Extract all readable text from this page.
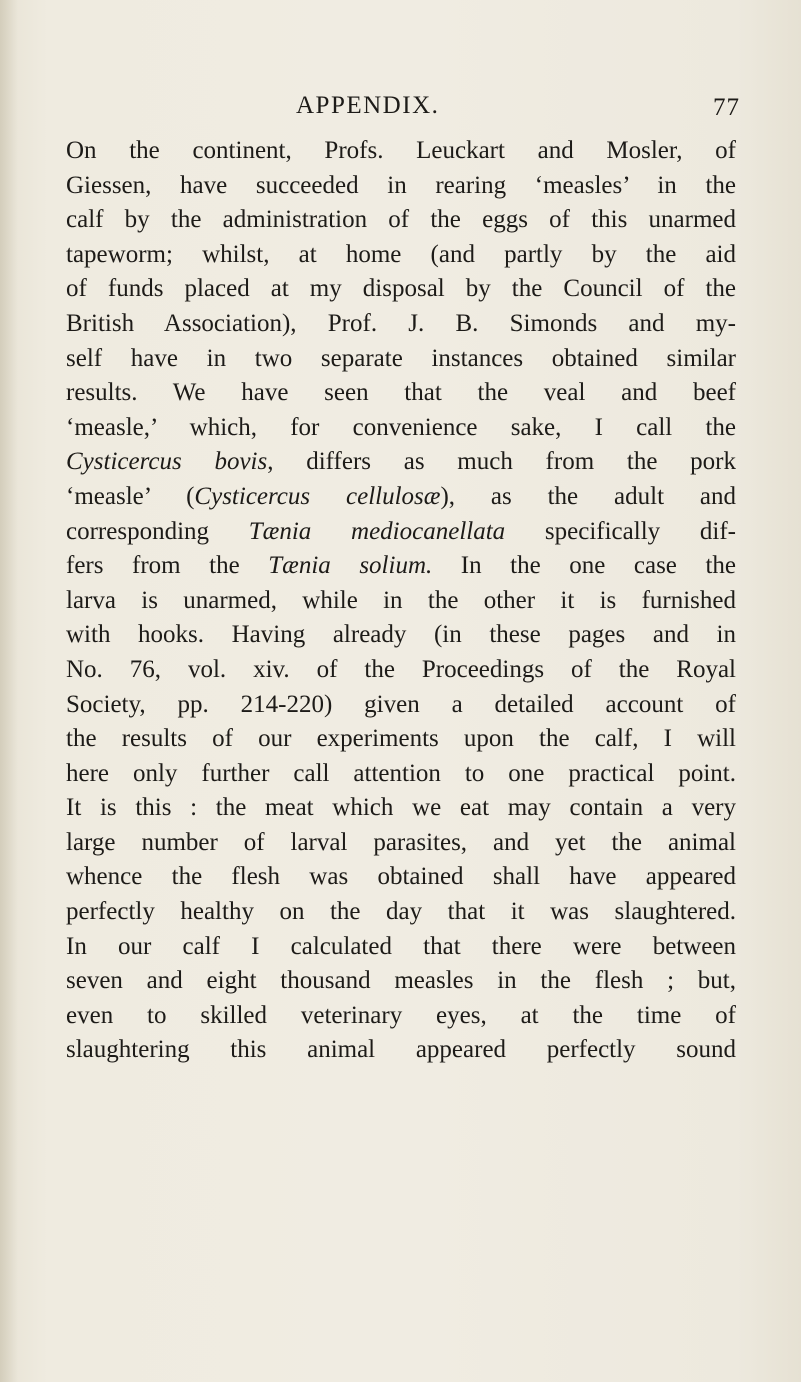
APPENDIX.	77
On the continent, Profs. Leuckart and Mosler, of
Giessen, have succeeded in rearing ‘measles’ in the
calf by the administration of the eggs of this unarmed
tapeworm; whilst, at home (and partly by the aid
of funds placed at my disposal by the Council of the
British Association), Prof. J. B. Simonds and my-
self have in two separate instances obtained similar
results. We have seen that the veal and beef
‘measle,’ which, for convenience sake, I call the
Cysticercus bovis, differs as much from the pork
‘measle’ (Cysticercus cellulosæ), as the adult and
corresponding Tænia mediocanellata specifically dif-
fers from the Tænia solium. In the one case the
larva is unarmed, while in the other it is furnished
with hooks. Having already (in these pages and in
No. 76, vol. xiv. of the Proceedings of the Royal
Society, pp. 214-220) given a detailed account of
the results of our experiments upon the calf, I will
here only further call attention to one practical point.
It is this : the meat which we eat may contain a very
large number of larval parasites, and yet the animal
whence the flesh was obtained shall have appeared
perfectly healthy on the day that it was slaughtered.
In our calf I calculated that there were between
seven and eight thousand measles in the flesh ; but,
even to skilled veterinary eyes, at the time of
slaughtering this animal appeared perfectly sound
